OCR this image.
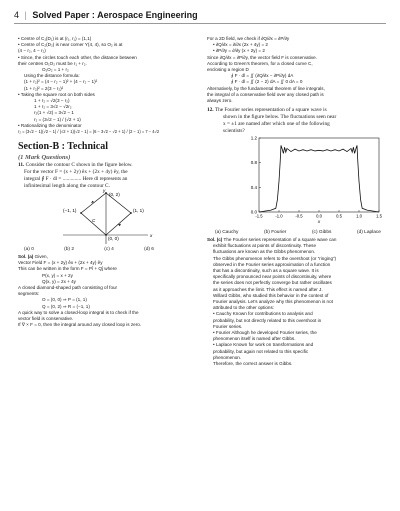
4 | Solved Paper : Aerospace Engineering
• Centre of C₁(D₁) is at (r₁, r₁) = (1,1)
• Centre of C₂(D₂) is near corner Y(4, 4), so O₂ is at
(4 − r₂, 4 − r₂)
• Since, the circles touch each other, the distance between
their centres O₁O₂ must be r₁ + r₂.
O₁O₂ = 1 + r₂
Using the distance formula:
(1 + r₂)² = (4 − r₂ − 1)² + (4 − r₂ − 1)²
(1 + r₂)² = 2(3 − r₂)²
• Taking the square root on both sides
1 + r₂ = √2(3 − r₂)
1 + r₂ = 3√2 − √2r₂
r₂(1 + √2) = 3√2 − 1
r₂ = (3√2 − 1) / (√2 + 1)
• Rationalizing the denominator
r₂ = (3√2 − 1)(√2 − 1) / (√2 + 1)(√2 − 1) = (6 − 3√2 − √2 + 1) / (2 − 1) = 7 − 4√2
Section-B : Technical
(1 Mark Questions)
11. Consider the contour C shown in the figure below.
For the vector F = (x + 2y) êx + (2x + 4y) êy, the
integral ∮ F · dl = .............. Here dl represents an
infinitesimal length along the contour C.
(0, 2)
(−1, 1)	(1, 1)
(0, 0)
x
y
C
(a) 0	(b) 2	(c) 4	(d) 6
Sol. (a) Given,
Vector Field F = (x + 2y) êx + (2x + 4y) êy
This can be written in the form F = Pî + Qĵ where
P(x, y) = x + 2y
Q(x, y) = 2x + 4y
A closed diamond-shaped path consisting of four
segments:
O = (0, 0) ⇒ P = (1, 1)
Q = (0, 2) ⇒ R = (−1, 1)
A quick way to solve a closed-loop integral is to check if the
vector field is conservative.
If ∇ × F = 0, then the integral around any closed loop is zero.
For a 2D field, we check if ∂Q/∂x = ∂P/∂y
• ∂Q/∂x = ∂/∂x (2x + 4y) = 2
• ∂P/∂y = ∂/∂y (x + 2y) = 2
Since ∂Q/∂x = ∂P/∂y, the vector field F is conservative.
According to Green’s theorem, for a closed curve C,
enclosing a region D
∮ F · dl = ∬ (∂Q/∂x − ∂P/∂y) dA
∮ F · dl = ∬ (2 − 2) dA = ∬ 0 dA = 0
Alternatively, by the fundamental theorem of line integrals,
the integral of a conservative field over any closed path is
always zero.
12. The Fourier series representation of a square wave is
shown in the figure below. The fluctuations seen near
x = ±1 are named after which one of the following
scientists?
0.0
0.4
0.8
1.2
-1.5	-1.0	-0.5	0.0	0.5	1.0	1.5
x
(a) Cauchy	(b) Fourier	(c) Gibbs	(d) Laplace
Sol. (c) The Fourier series representation of a square wave can
exhibit fluctuations at points of discontinuity. These
fluctuations are known as the Gibbs phenomenon.
The Gibbs phenomenon refers to the overshoot (or “ringing”)
observed in the Fourier series approximation of a function
that has a discontinuity, such as a square wave. It is
specifically pronounced near points of discontinuity, where
the series does not perfectly converge but rather oscillates
as it approaches the limit. This effect is named after J.
Willard Gibbs, who studied this behavior in the context of
Fourier analysis. Let’s analyze why this phenomenon is not
attributed to the other options:
• Cauchy Known for contributions to analysis and
probability, but not directly related to this overshoot in
Fourier series.
• Fourier Although he developed Fourier series, the
phenomenon itself is named after Gibbs.
• Laplace Known for work on transformations and
probability, but again not related to this specific
phenomenon.
Therefore, the correct answer is Gibbs.
